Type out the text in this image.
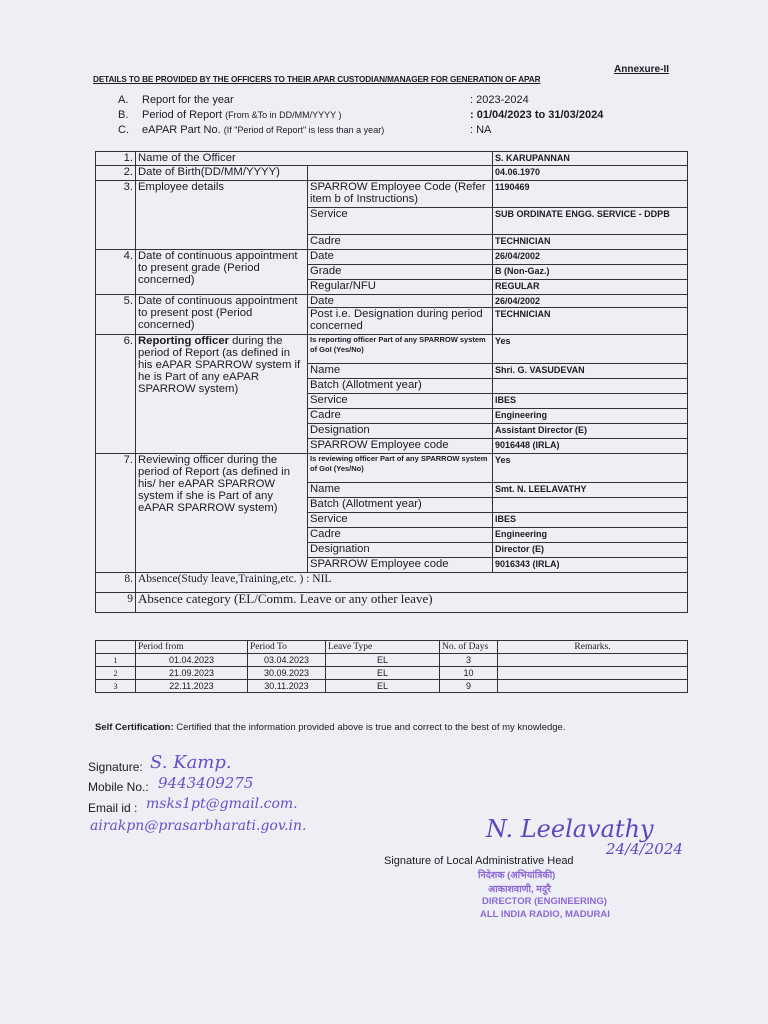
Annexure-II
DETAILS TO BE PROVIDED BY THE OFFICERS TO THEIR APAR CUSTODIAN/MANAGER FOR GENERATION OF APAR
A. Report for the year	: 2023-2024
B. Period of Report (From &To in DD/MM/YYYY )	: 01/04/2023 to 31/03/2024
C. eAPAR Part No. (If "Period of Report" is less than a year)	: NA
1.	Name of the Officer		S. KARUPANNAN
2.	Date of Birth(DD/MM/YYYY)		04.06.1970
3.	Employee details	SPARROW Employee Code (Refer item b of Instructions)	1190469
		Service	SUB ORDINATE ENGG. SERVICE - DDPB
		Cadre	TECHNICIAN
4.	Date of continuous appointment to present grade (Period concerned)	Date	26/04/2002
		Grade	B (Non-Gaz.)
		Regular/NFU	REGULAR
5.	Date of continuous appointment to present post (Period concerned)	Date	26/04/2002
		Post i.e. Designation during period concerned	TECHNICIAN
6.	Reporting officer during the period of Report (as defined in his eAPAR SPARROW system if he is Part of any eAPAR SPARROW system)	Is reporting officer Part of any SPARROW system of GoI (Yes/No)	Yes
		Name	Shri. G. VASUDEVAN
		Batch (Allotment year)	
		Service	IBES
		Cadre	Engineering
		Designation	Assistant Director (E)
		SPARROW Employee code	9016448 (IRLA)
7.	Reviewing officer during the period of Report (as defined in his/ her eAPAR SPARROW system if she is Part of any eAPAR SPARROW system)	Is reviewing officer Part of any SPARROW system of GoI (Yes/No)	Yes
		Name	Smt. N. LEELAVATHY
		Batch (Allotment year)	
		Service	IBES
		Cadre	Engineering
		Designation	Director (E)
		SPARROW Employee code	9016343 (IRLA)
8.	Absence(Study leave,Training,etc. ) : NIL		
9	Absence category (EL/Comm. Leave or any other leave)		
	Period from	Period To	Leave Type	No. of Days	Remarks.
1	01.04.2023	03.04.2023	EL	3	
2	21.09.2023	30.09.2023	EL	10	
3	22.11.2023	30.11.2023	EL	9	
Self Certification: Certified that the information provided above is true and correct to the best of my knowledge.
Signature: S. Kamp.
Mobile No.: 9443409275
Email id : msks1pt@gmail.com.
airakpn@prasarbharati.gov.in.	N. Leelavathy
24/4/2024
Signature of Local Administrative Head
निदेशक (अभियांत्रिकी)
आकाशवाणी, मदुरै
DIRECTOR (ENGINEERING)
ALL INDIA RADIO, MADURAI
